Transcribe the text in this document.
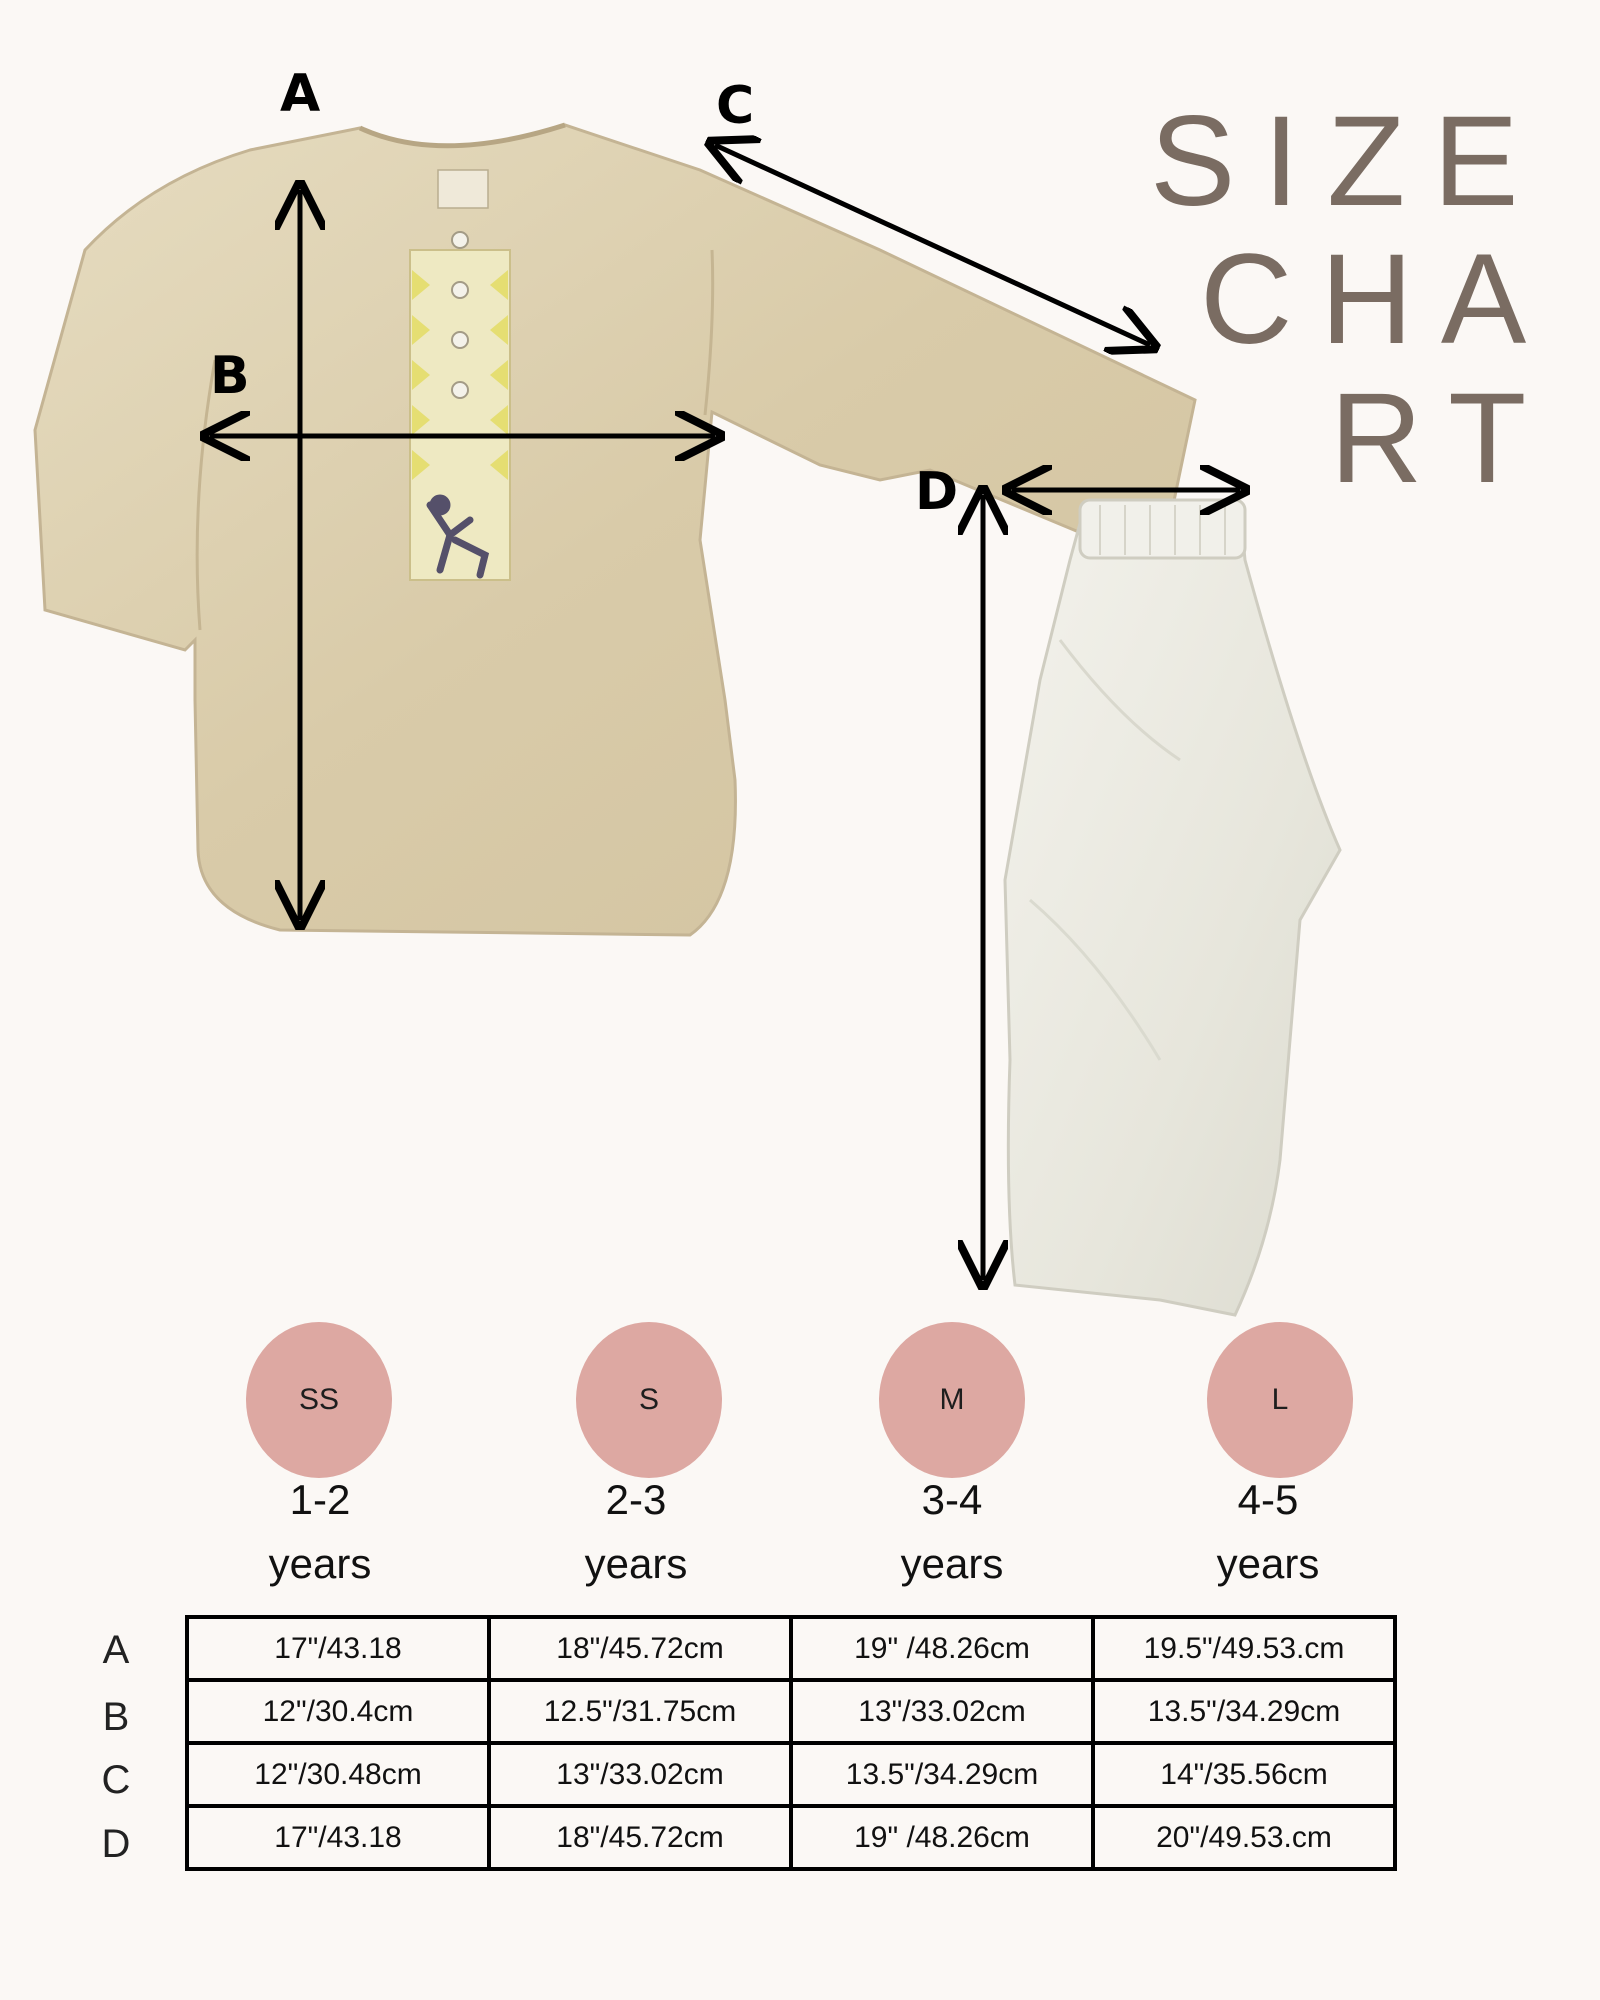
A	C
B
D
SIZE
CHA
RT
SS	S	M	L
1-2
years
2-3
years
3-4
years
4-5
years
A
B
C
D
17"/43.18	18"/45.72cm	19" /48.26cm	19.5"/49.53.cm
12"/30.4cm	12.5"/31.75cm	13"/33.02cm	13.5"/34.29cm
12"/30.48cm	13"/33.02cm	13.5"/34.29cm	14"/35.56cm
17"/43.18	18"/45.72cm	19" /48.26cm	20"/49.53.cm
